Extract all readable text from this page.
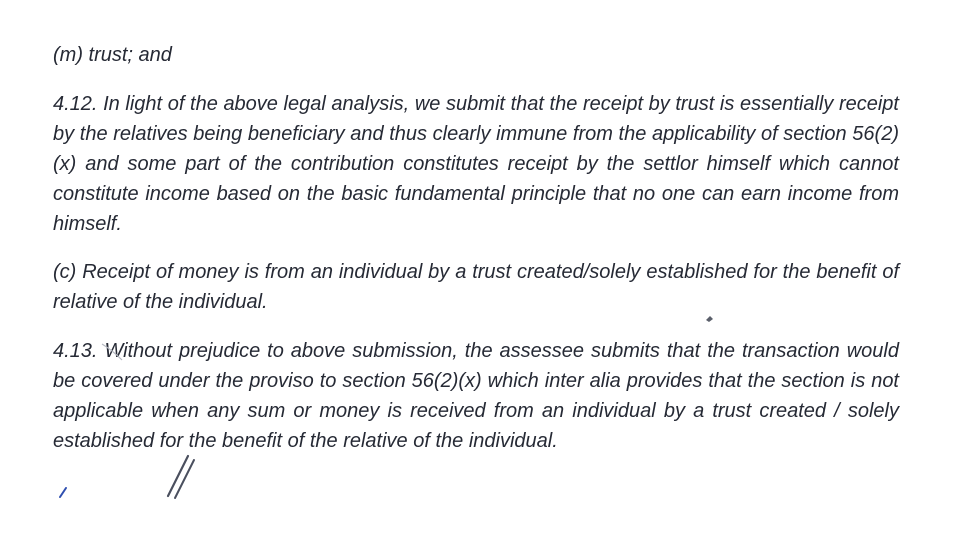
(m) trust; and

4.12. In light of the above legal analysis, we submit that the receipt by trust is essentially receipt by the relatives being beneficiary and thus clearly immune from the applicability of section 56(2)(x) and some part of the contribution constitutes receipt by the settlor himself which cannot constitute income based on the basic fundamental principle that no one can earn income from himself.

(c) Receipt of money is from an individual by a trust created/solely established for the benefit of relative of the individual.

4.13. Without prejudice to above submission, the assessee submits that the transaction would be covered under the proviso to section 56(2)(x) which inter alia provides that the section is not applicable when any sum or money is received from an individual by a trust created / solely established for the benefit of the relative of the individual.
